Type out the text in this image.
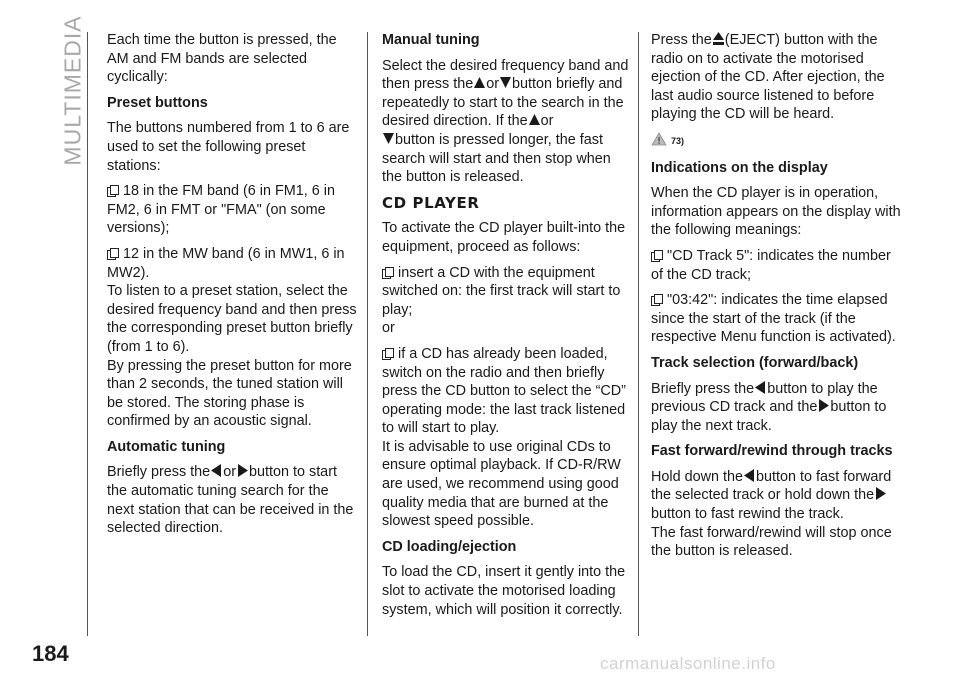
MULTIMEDIA Each time the button is pressed, the AM and FM bands are selected cyclically:

Preset buttons

The buttons numbered from 1 to 6 are used to set the following preset stations:

18 in the FM band (6 in FM1, 6 in FM2, 6 in FMT or "FMA" (on some versions);

12 in the MW band (6 in MW1, 6 in MW2).

To listen to a preset station, select the desired frequency band and then press the corresponding preset button briefly (from 1 to 6).

By pressing the preset button for more than 2 seconds, the tuned station will be stored. The storing phase is confirmed by an acoustic signal.

Automatic tuning

Briefly press the or button to start the automatic tuning search for the next station that can be received in the selected direction.

Manual tuning

Select the desired frequency band and then press the or button briefly and repeatedly to start to the search in the desired direction. If the or

button is pressed longer, the fast search will start and then stop when the button is released.

CD PLAYER

To activate the CD player built-into the equipment, proceed as follows:

insert a CD with the equipment switched on: the first track will start to play;

or

if a CD has already been loaded, switch on the radio and then briefly press the CD button to select the “CD” operating mode: the last track listened to will start to play.

It is advisable to use original CDs to ensure optimal playback. If CD-R/RW are used, we recommend using good quality media that are burned at the slowest speed possible.

CD loading/ejection

To load the CD, insert it gently into the slot to activate the motorised loading system, which will position it correctly.

Press the (EJECT) button with the radio on to activate the motorised ejection of the CD. After ejection, the last audio source listened to before playing the CD will be heard.

73)

Indications on the display

When the CD player is in operation, information appears on the display with the following meanings:

"CD Track 5": indicates the number of the CD track;

"03:42": indicates the time elapsed since the start of the track (if the respective Menu function is activated).

Track selection (forward/back)

Briefly press the button to play the previous CD track and the button to play the next track.

Fast forward/rewind through tracks

Hold down the button to fast forward the selected track or hold down the
button to fast rewind the track.

The fast forward/rewind will stop once the button is released.

184	carmanualsonline.info
